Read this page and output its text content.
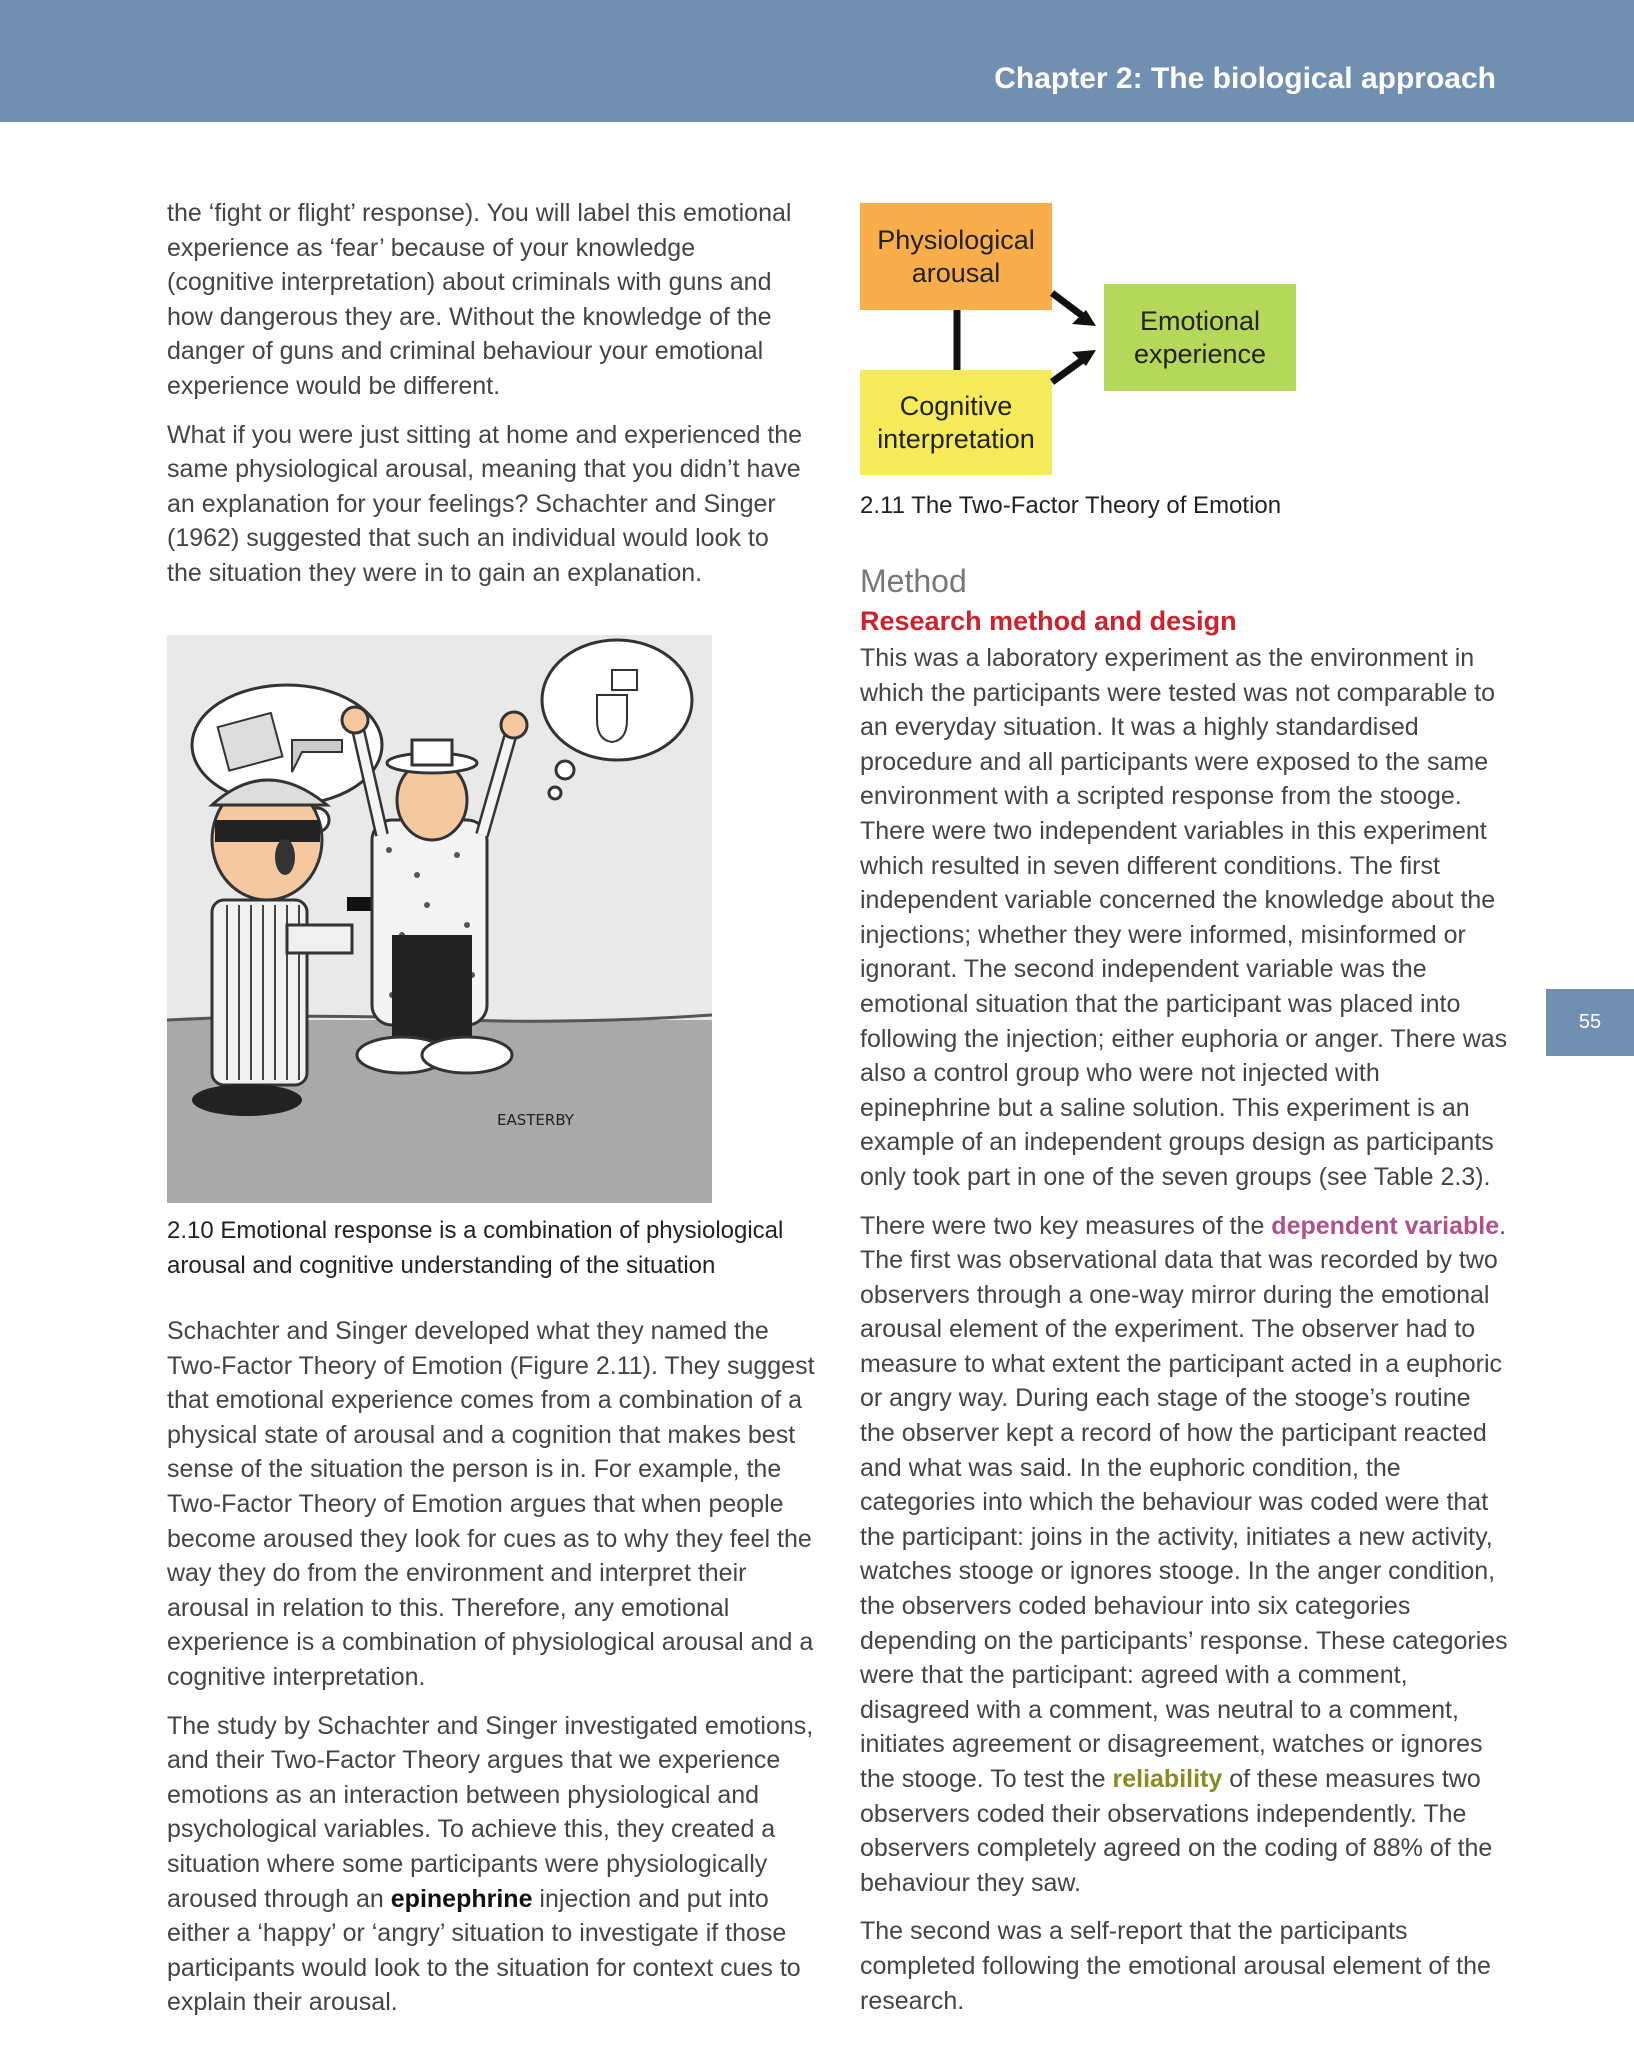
Chapter 2: The biological approach
55

the ‘fight or flight’ response). You will label this emotional experience as ‘fear’ because of your knowledge (cognitive interpretation) about criminals with guns and how dangerous they are. Without the knowledge of the danger of guns and criminal behaviour your emotional experience would be different.

What if you were just sitting at home and experienced the same physiological arousal, meaning that you didn’t have an explanation for your feelings? Schachter and Singer (1962) suggested that such an individual would look to the situation they were in to gain an explanation.

EASTERBY
2.10 Emotional response is a combination of physiological arousal and cognitive understanding of the situation

Schachter and Singer developed what they named the Two-Factor Theory of Emotion (Figure 2.11). They suggest that emotional experience comes from a combination of a physical state of arousal and a cognition that makes best sense of the situation the person is in. For example, the Two-Factor Theory of Emotion argues that when people become aroused they look for cues as to why they feel the way they do from the environment and interpret their arousal in relation to this. Therefore, any emotional experience is a combination of physiological arousal and a cognitive interpretation.

The study by Schachter and Singer investigated emotions, and their Two-Factor Theory argues that we experience emotions as an interaction between physiological and psychological variables. To achieve this, they created a situation where some participants were physiologically aroused through an epinephrine injection and put into either a ‘happy’ or ‘angry’ situation to investigate if those participants would look to the situation for context cues to explain their arousal.

Physiological arousal
Cognitive interpretation
Emotional experience
2.11 The Two-Factor Theory of Emotion

Method

Research method and design

This was a laboratory experiment as the environment in which the participants were tested was not comparable to an everyday situation. It was a highly standardised procedure and all participants were exposed to the same environment with a scripted response from the stooge. There were two independent variables in this experiment which resulted in seven different conditions. The first independent variable concerned the knowledge about the injections; whether they were informed, misinformed or ignorant. The second independent variable was the emotional situation that the participant was placed into following the injection; either euphoria or anger. There was also a control group who were not injected with epinephrine but a saline solution. This experiment is an example of an independent groups design as participants only took part in one of the seven groups (see Table 2.3).

There were two key measures of the dependent variable. The first was observational data that was recorded by two observers through a one-way mirror during the emotional arousal element of the experiment. The observer had to measure to what extent the participant acted in a euphoric or angry way. During each stage of the stooge’s routine the observer kept a record of how the participant reacted and what was said. In the euphoric condition, the categories into which the behaviour was coded were that the participant: joins in the activity, initiates a new activity, watches stooge or ignores stooge. In the anger condition, the observers coded behaviour into six categories depending on the participants’ response. These categories were that the participant: agreed with a comment, disagreed with a comment, was neutral to a comment, initiates agreement or disagreement, watches or ignores the stooge. To test the reliability of these measures two observers coded their observations independently. The observers completely agreed on the coding of 88% of the behaviour they saw.

The second was a self-report that the participants completed following the emotional arousal element of the research.
